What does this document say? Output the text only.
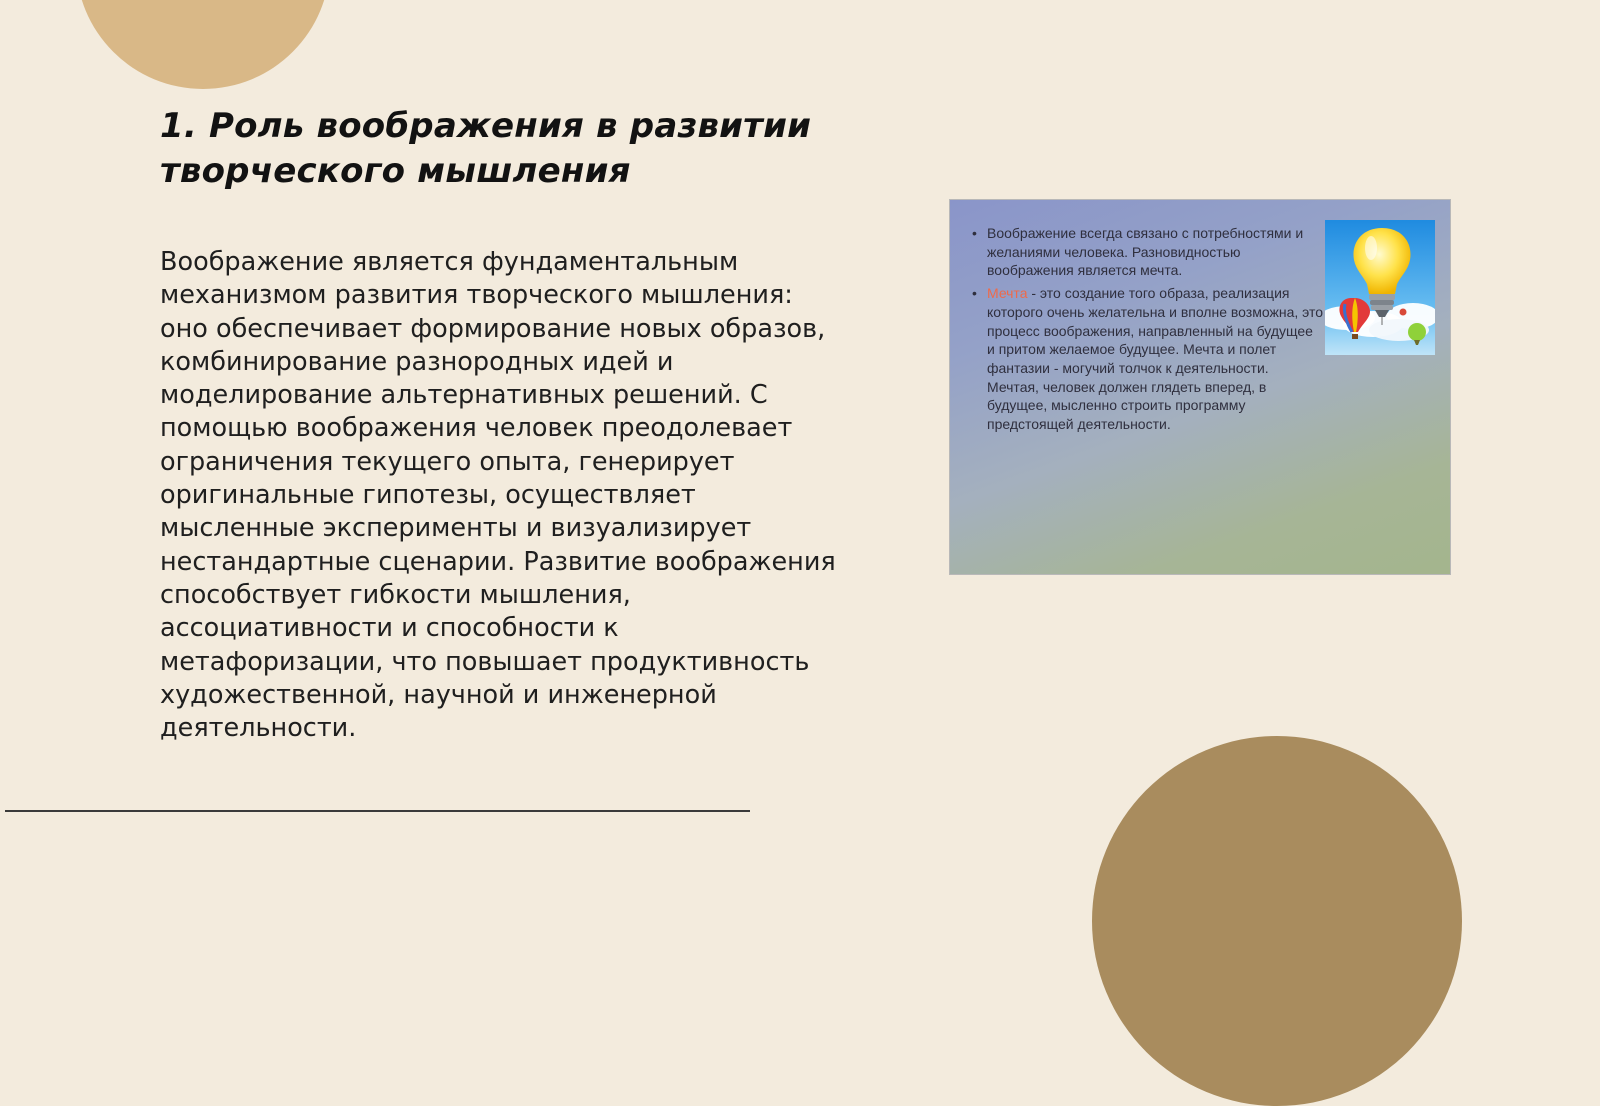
1. Роль воображения в развитии творческого мышления

Воображение является фундаментальным механизмом развития творческого мышления: оно обеспечивает формирование новых образов, комбинирование разнородных идей и моделирование альтернативных решений. С помощью воображения человек преодолевает ограничения текущего опыта, генерирует оригинальные гипотезы, осуществляет мысленные эксперименты и визуализирует нестандартные сценарии. Развитие воображения способствует гибкости мышления, ассоциативности и способности к метафоризации, что повышает продуктивность художественной, научной и инженерной деятельности.

• Воображение всегда связано с потребностями и желаниями человека. Разновидностью воображения является мечта.
• Мечта - это создание того образа, реализация которого очень желательна и вполне возможна, это процесс воображения, направленный на будущее и притом желаемое будущее. Мечта и полет фантазии - могучий толчок к деятельности. Мечтая, человек должен глядеть вперед, в будущее, мысленно строить программу предстоящей деятельности.
